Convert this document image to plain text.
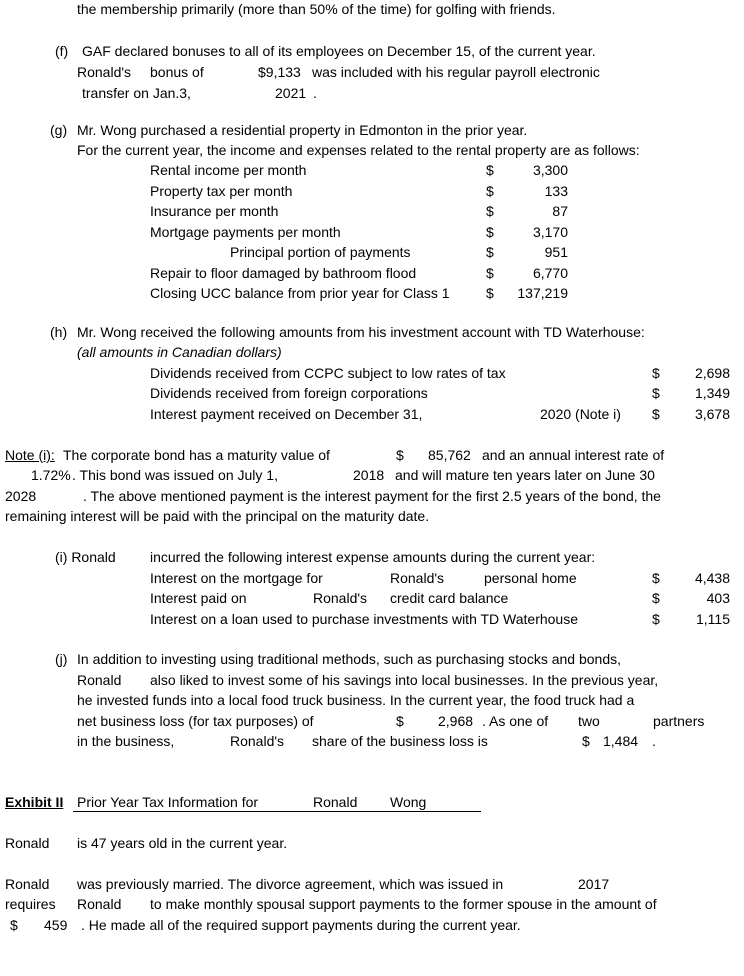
the membership primarily (more than 50% of the time) for golfing with friends.
(f) GAF declared bonuses to all of its employees on December 15, of the current year.
Ronald's bonus of	$9,133 was included with his regular payroll electronic
transfer on Jan.3,	2021 .
(g) Mr. Wong purchased a residential property in Edmonton in the prior year.
For the current year, the income and expenses related to the rental property are as follows:
Rental income per month	$	3,300
Property tax per month	$	133
Insurance per month	$	87
Mortgage payments per month	$	3,170
Principal portion of payments	$	951
Repair to floor damaged by bathroom flood	$	6,770
Closing UCC balance from prior year for Class 1	$	137,219
(h) Mr. Wong received the following amounts from his investment account with TD Waterhouse:
(all amounts in Canadian dollars)
Dividends received from CCPC subject to low rates of tax	$	2,698
Dividends received from foreign corporations	$	1,349
Interest payment received on December 31,	2020 (Note i) $	3,678
Note (i): The corporate bond has a maturity value of	$ 85,762 and an annual interest rate of
1.72% . This bond was issued on July 1,	2018 and will mature ten years later on June 30
2028	. The above mentioned payment is the interest payment for the first 2.5 years of the bond, the
remaining interest will be paid with the principal on the maturity date.
(i) Ronald incurred the following interest expense amounts during the current year:
Interest on the mortgage for	Ronald's	personal home	$	4,438
Interest paid on	Ronald's credit card balance	$	403
Interest on a loan used to purchase investments with TD Waterhouse	$	1,115
(j) In addition to investing using traditional methods, such as purchasing stocks and bonds,
Ronald also liked to invest some of his savings into local businesses. In the previous year,
he invested funds into a local food truck business. In the current year, the food truck had a
net business loss (for tax purposes) of	$ 2,968 . As one of two	partners
in the business,	Ronald's share of the business loss is	$ 1,484 .
Exhibit II Prior Year Tax Information for	Ronald Wong
Ronald is 47 years old in the current year.
Ronald was previously married. The divorce agreement, which was issued in	2017
requires Ronald to make monthly spousal support payments to the former spouse in the amount of
$ 459 . He made all of the required support payments during the current year.
